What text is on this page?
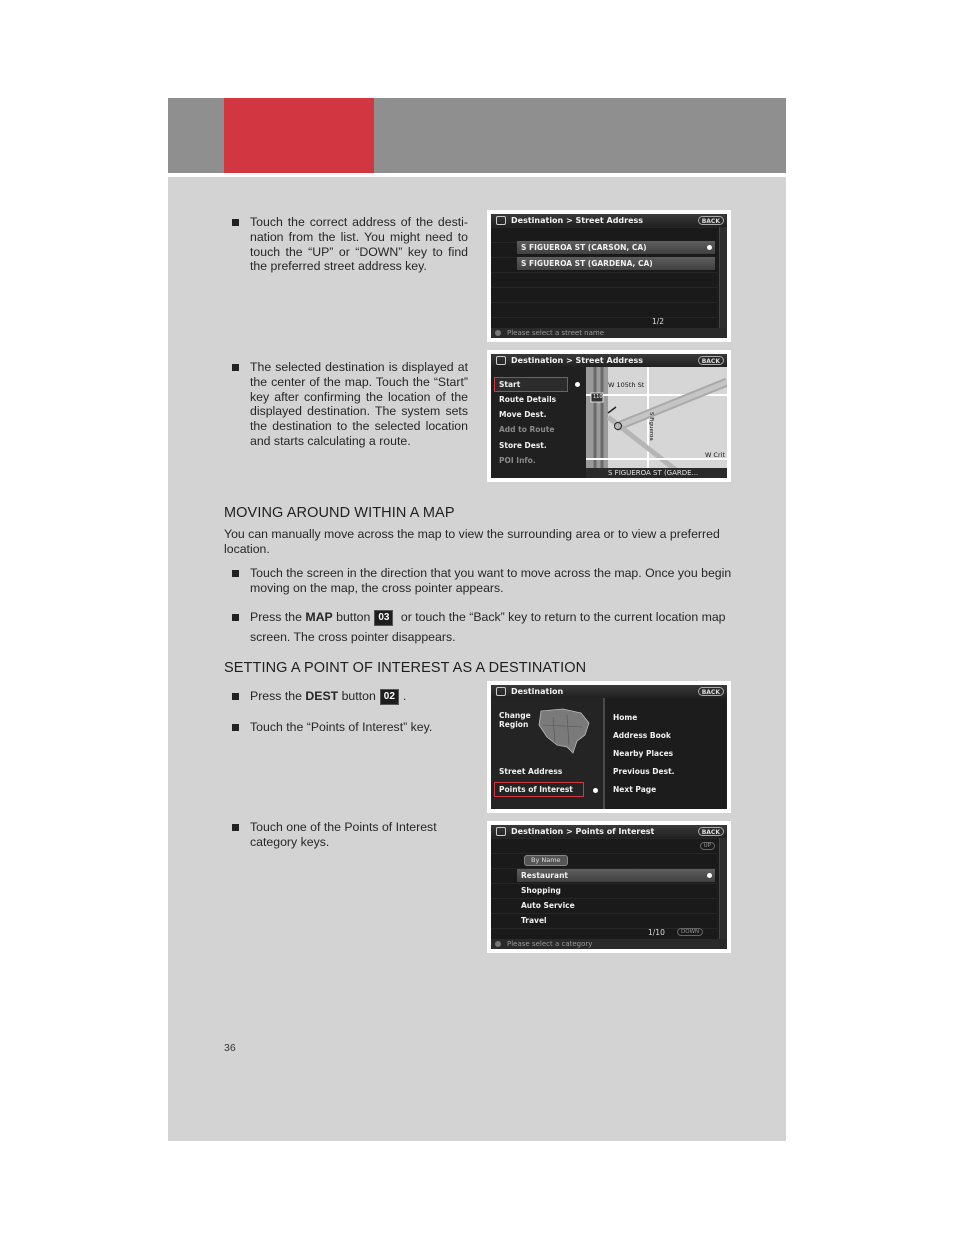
Touch the correct address of the desti- nation from the list. You might need to touch the “UP” or “DOWN” key to find the preferred street address key.
Destination > Street Address	BACK
S FIGUEROA ST (CARSON, CA)
S FIGUEROA ST (GARDENA, CA)
1/2
Please select a street name
The selected destination is displayed at the center of the map. Touch the “Start” key after confirming the location of the displayed destination. The system sets the destination to the selected location and starts calculating a route.
Destination > Street Address	BACK
W 105th St
110
S Figueroa
W Crit
S FIGUEROA ST (GARDE...
Start
Route Details
Move Dest.
Add to Route
Store Dest.
POI Info.
MOVING AROUND WITHIN A MAP
You can manually move across the map to view the surrounding area or to view a preferred location.
Touch the screen in the direction that you want to move across the map. Once you begin moving on the map, the cross pointer appears.
Press the MAP button 03 or touch the “Back” key to return to the current location map screen. The cross pointer disappears.
SETTING A POINT OF INTEREST AS A DESTINATION
Press the DEST button 02 .
Touch the “Points of Interest” key.
Destination	BACK
Change Region
Street Address
Points of Interest
Home
Address Book
Nearby Places
Previous Dest.
Next Page
Touch one of the Points of Interest category keys.
Destination > Points of Interest	BACK
UP
By Name
Restaurant
Shopping
Auto Service
Travel
1/10	DOWN
Please select a category
36
